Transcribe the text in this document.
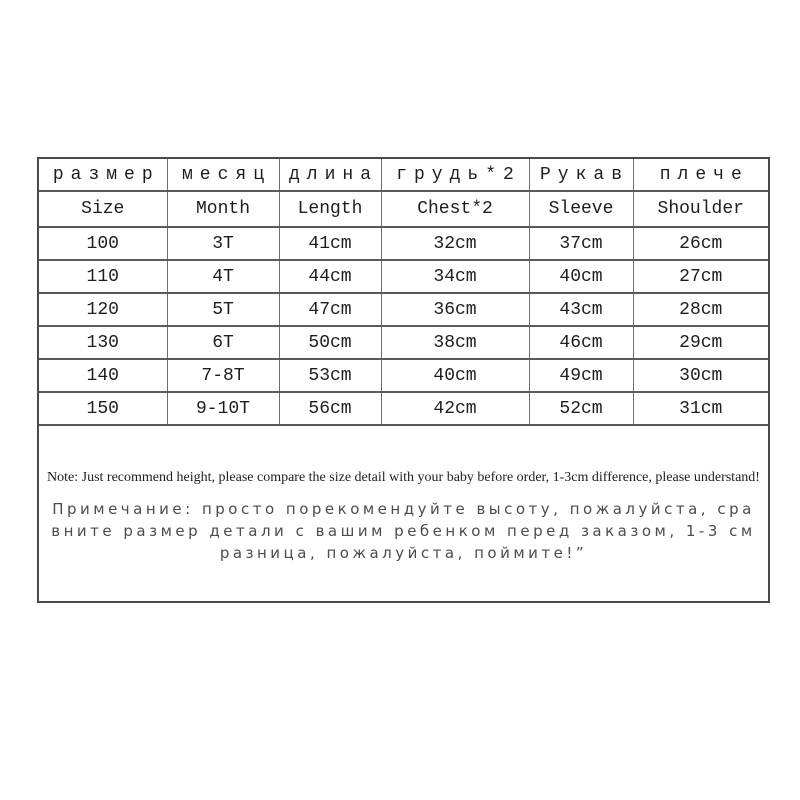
размер	месяц	длина	грудь*2	Рукав	плече
Size	Month	Length	Chest*2	Sleeve	Shoulder
100	3T	41cm	32cm	37cm	26cm
110	4T	44cm	34cm	40cm	27cm
120	5T	47cm	36cm	43cm	28cm
130	6T	50cm	38cm	46cm	29cm
140	7-8T	53cm	40cm	49cm	30cm
150	9-10T	56cm	42cm	52cm	31cm
Note: Just recommend height, please compare the size detail with your baby before order, 1-3cm difference, please understand!
Примечание: просто порекомендуйте высоту, пожалуйста, сравните размер детали с вашим ребенком перед заказом, 1-3 см разница, пожалуйста, поймите!”
